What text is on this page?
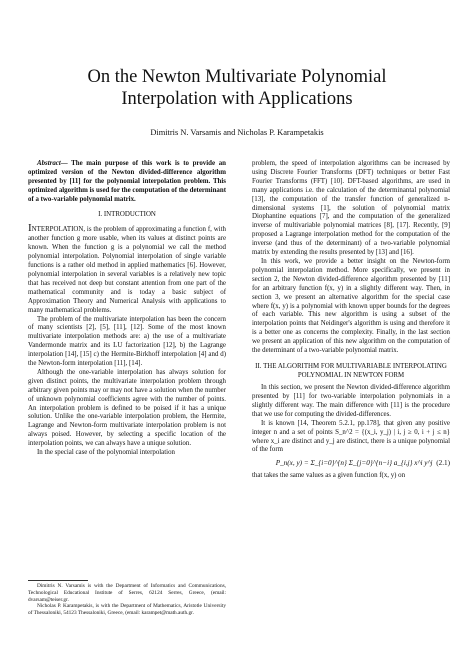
On the Newton Multivariate Polynomial
Interpolation with Applications
Dimitris N. Varsamis and Nicholas P. Karampetakis

Abstract— The main purpose of this work is to provide an optimized version of the Newton divided-difference algorithm presented by [11] for the polynomial interpolation problem. This optimized algorithm is used for the computation of the determinant of a two-variable polynomial matrix.

I. INTRODUCTION

INTERPOLATION, is the problem of approximating a function f, with another function g more usable, when its values at distinct points are known. When the function g is a polynomial we call the method polynomial interpolation. Polynomial interpolation of single variable functions is a rather old method in applied mathematics [6]. However, polynomial interpolation in several variables is a relatively new topic that has received not deep but constant attention from one part of the mathematical community and is today a basic subject of Approximation Theory and Numerical Analysis with applications to many mathematical problems.

The problem of the multivariate interpolation has been the concern of many scientists [2], [5], [11], [12]. Some of the most known multivariate interpolation methods are: a) the use of a multivariate Vandermonde matrix and its LU factorization [12], b) the Lagrange interpolation [14], [15] c) the Hermite-Birkhoff interpolation [4] and d) the Newton-form interpolation [11], [14].

Although the one-variable interpolation has always solution for given distinct points, the multivariate interpolation problem through arbitrary given points may or may not have a solution when the number of unknown polynomial coefficients agree with the number of points. An interpolation problem is defined to be poised if it has a unique solution. Unlike the one-variable interpolation problem, the Hermite, Lagrange and Newton-form multivariate interpolation problem is not always poised. However, by selecting a specific location of the interpolation points, we can always have a unique solution.

In the special case of the polynomial interpolation

Dimitris N. Varsamis is with the Department of Informatics and Communications, Technological Educational Institute of Serres, 62124 Serres, Greece, (email: dvarsam@teiser.gr.

Nicholas P. Karampetakis, is with the Department of Mathematics, Aristotle University of Thessaloniki, 54123 Thessaloniki, Greece, (email: karampet@math.auth.gr.

problem, the speed of interpolation algorithms can be increased by using Discrete Fourier Transforms (DFT) techniques or better Fast Fourier Transforms (FFT) [10]. DFT-based algorithms, are used in many applications i.e. the calculation of the determinantal polynomial [13], the computation of the transfer function of generalized n-dimensional systems [1], the solution of polynomial matrix Diophantine equations [7], and the computation of the generalized inverse of multivariable polynomial matrices [8], [17]. Recently, [9] proposed a Lagrange interpolation method for the computation of the inverse (and thus of the determinant) of a two-variable polynomial matrix by extending the results presented by [13] and [16].

In this work, we provide a better insight on the Newton-form polynomial interpolation method. More specifically, we present in section 2, the Newton divided-difference algorithm presented by [11] for an arbitrary function f(x, y) in a slightly different way. Then, in section 3, we present an alternative algorithm for the special case where f(x, y) is a polynomial with known upper bounds for the degrees of each variable. This new algorithm is using a subset of the interpolation points that Neidinger's algorithm is using and therefore it is a better one as concerns the complexity. Finally, in the last section we present an application of this new algorithm on the computation of the determinant of a two-variable polynomial matrix.

II. THE ALGORITHM FOR MULTIVARIABLE INTERPOLATING
POLYNOMIAL IN NEWTON FORM

In this section, we present the Newton divided-difference algorithm presented by [11] for two-variable interpolation polynomials in a slightly different way. The main difference with [11] is the procedure that we use for computing the divided-differences.

It is known [14, Theorem 5.2.1, pp.178], that given any positive integer n and a set of points S_n^2 = {(x_i, y_j) | i, j ≥ 0, i + j ≤ n} where x_i are distinct and y_j are distinct, there is a unique polynomial of the form

P_n(x, y) = Σ_{i=0}^{n} Σ_{j=0}^{n−i} a_{i,j} x^i y^j (2.1)

that takes the same values as a given function f(x, y) on
